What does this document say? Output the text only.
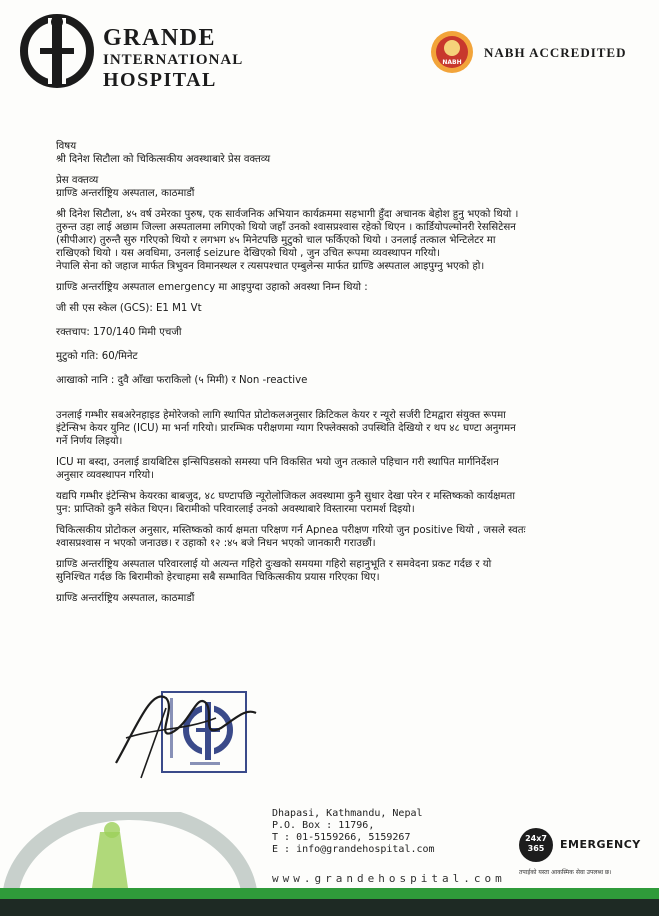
GRANDE
INTERNATIONAL
HOSPITAL
NABH
NABH ACCREDITED

विषय

श्री दिनेश सिटौला को चिकित्सकीय अवस्थाबारे प्रेस वक्तव्य

प्रेस वक्तव्य

ग्राण्डि अन्तर्राष्ट्रिय अस्पताल, काठमाडौं

श्री दिनेश सिटौला, ४५ वर्ष उमेरका पुरुष, एक सार्वजनिक अभियान कार्यक्रममा सहभागी हुँदा अचानक बेहोश हुनु भएको थियो ।

तुरुन्त उहा लाई अछाम जिल्ला अस्पतालमा लगिएको थियो जहाँ उनको श्वासप्रश्वास रहेको थिएन । कार्डियोपल्मोनरी रेससिटेसन

(सीपीआर) तुरुन्तै सुरु गरिएको थियो र लगभग ४५ मिनेटपछि मुटुको चाल फर्किएको थियो । उनलाई तत्काल भेन्टिलेटर मा

राखिएको थियो । यस अवधिमा, उनलाई seizure देखिएको थियो , जुन उचित रूपमा व्यवस्थापन गरियो।

नेपालि सेना को जहाज मार्फत त्रिभुवन विमानस्थल र त्यसपश्चात एम्बुलेन्स मार्फत ग्राण्डि अस्पताल आइपुग्नु भएको हो।

ग्राण्डि अन्तर्राष्ट्रिय अस्पताल emergency मा आइपुग्दा उहाको अवस्था निम्न थियो :

जी सी एस स्केल (GCS): E1 M1 Vt

रक्तचाप: 170/140 मिमी एचजी

मुटुको गति: 60/मिनेट

आखाको नानि : दुवै आँखा फराकिलो (५ मिमी) र Non -reactive

उनलाई गम्भीर सबअरेनहाइड हेमोरेजको लागि स्थापित प्रोटोकलअनुसार क्रिटिकल केयर र न्यूरो सर्जरी टिमद्वारा संयुक्त रूपमा

इंटेन्सिभ केयर युनिट (ICU) मा भर्ना गरियो। प्रारम्भिक परीक्षणमा ग्याग रिफ्लेक्सको उपस्थिति देखियो र थप ४८ घण्टा अनुगमन

गर्ने निर्णय लिइयो।

ICU मा बस्दा, उनलाई डायबिटिस इन्सिपिडसको समस्या पनि विकसित भयो जुन तत्काले पहिचान गरी स्थापित मार्गनिर्देशन

अनुसार व्यवस्थापन गरियो।

यद्यपि गम्भीर इंटेन्सिभ केयरका बाबजुद, ४८ घण्टापछि न्यूरोलोजिकल अवस्थामा कुनै सुधार देखा परेन र मस्तिष्कको कार्यक्षमता

पुन: प्राप्तिको कुनै संकेत थिएन। बिरामीको परिवारलाई उनको अवस्थाबारे विस्तारमा परामर्श दिइयो।

चिकित्सकीय प्रोटोकल अनुसार, मस्तिष्कको कार्य क्षमता परिक्षण गर्न Apnea परीक्षण गरियो जुन positive थियो , जसले स्वतः

श्वासप्रश्वास न भएको जनाउछ। र उहाको १२ :४५ बजे निधन भएको जानकारी गराउछौं।

ग्राण्डि अन्तर्राष्ट्रिय अस्पताल परिवारलाई यो अत्यन्त गहिरो दुःखको समयमा गहिरो सहानुभूति र समवेदना प्रकट गर्दछ र यो

सुनिश्चित गर्दछ कि बिरामीको हेरचाहमा सबै सम्भावित चिकित्सकीय प्रयास गरिएका थिए।

ग्राण्डि अन्तर्राष्ट्रिय अस्पताल, काठमाडौं

Dhapasi, Kathmandu, Nepal
P.O. Box : 11796,
T : 01-5159266, 5159267
E : info@grandehospital.com
www.grandehospital.com
24x7
365	EMERGENCY
तपाईको यस्ता आकस्मिक सेवा उपलब्ध छ।
